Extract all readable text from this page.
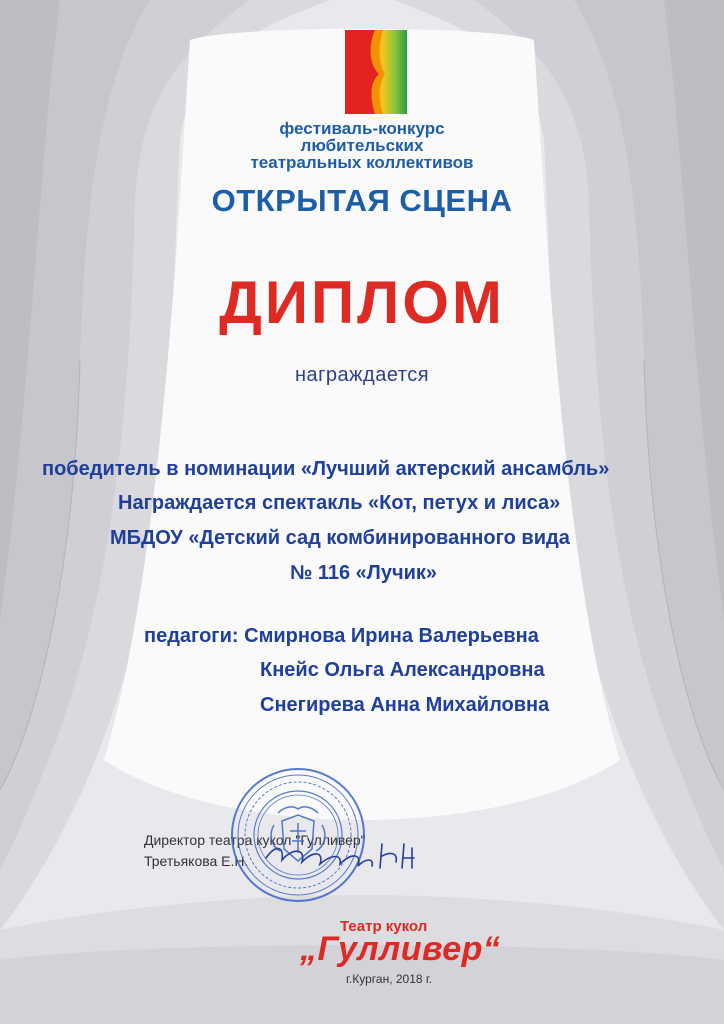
фестиваль-конкурс
любительских
театральных коллективов
ОТКРЫТАЯ СЦЕНА
ДИПЛОМ
награждается
победитель в номинации «Лучший актерский ансамбль»
Награждается спектакль «Кот, петух и лиса»
МБДОУ «Детский сад комбинированного вида
№ 116 «Лучик»
педагоги: Смирнова Ирина Валерьевна
Кнейс Ольга Александровна
Снегирева Анна Михайловна
Директор театра кукол "Гулливер"
Третьякова Е.Н.
Театр кукол
„Гулливер“
г.Курган, 2018 г.
